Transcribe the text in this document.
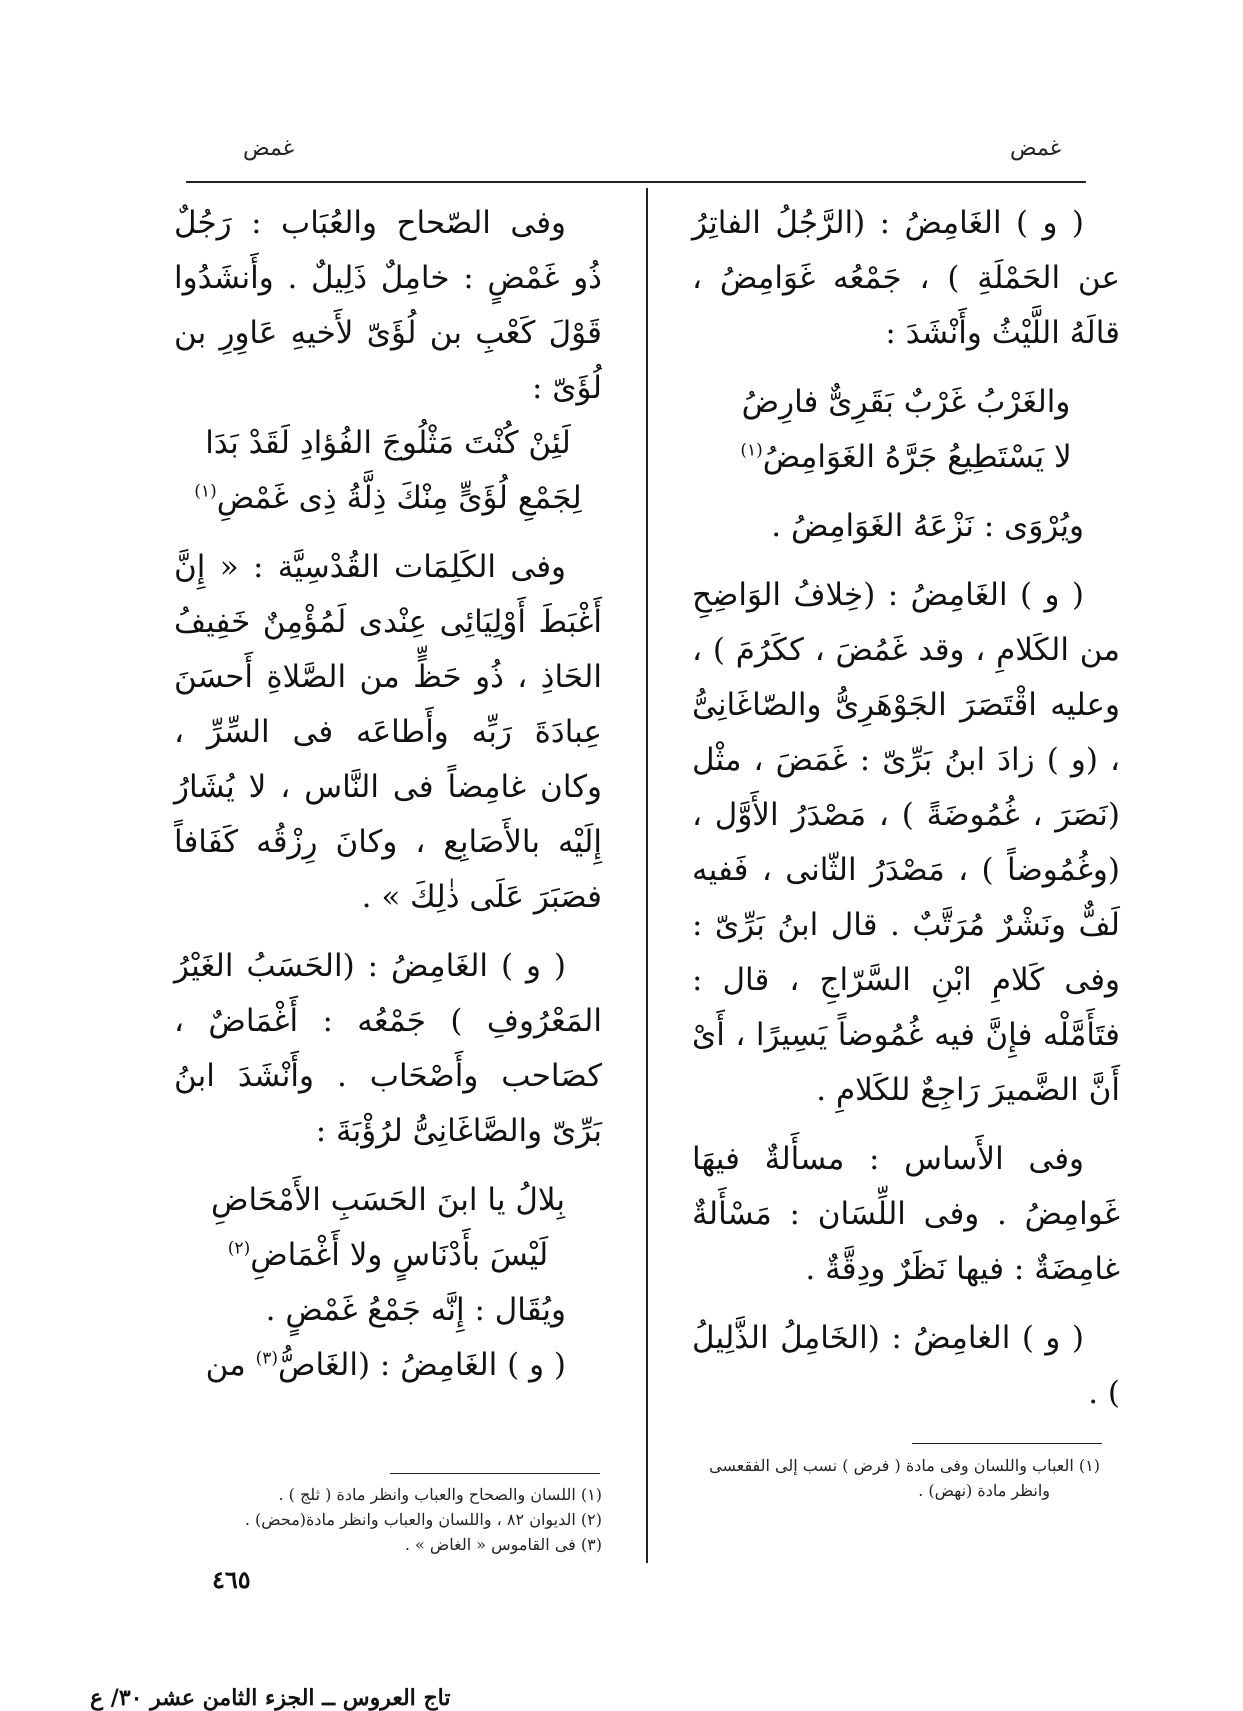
غمض
غمض

( و ) الغَامِضُ : (الرَّجُلُ الفاتِرُ عن الحَمْلَةِ ) ، جَمْعُه غَوَامِضُ ، قالَهُ اللَّيْثُ وأَنْشَدَ :

والغَرْبُ غَرْبٌ بَقَرِىٌّ فارِضُ

لا يَسْتَطِيعُ جَرَّهُ الغَوَامِضُ$^{(١)}$

ويُرْوَى : نَزْعَهُ الغَوَامِضُ .

( و ) الغَامِضُ : (خِلافُ الوَاضِحِ من الكَلامِ ، وقد غَمُضَ ، ككَرُمَ ) ، وعليه اقْتَصَرَ الجَوْهَرِىُّ والصّاغَانِىُّ ، (و ) زادَ ابنُ بَرِّىّ : غَمَضَ ، مثْل (نَصَرَ ، غُمُوضَةً ) ، مَصْدَرُ الأَوَّل ، (وغُمُوضاً ) ، مَصْدَرُ الثّانى ، فَفيه لَفٌّ ونَشْرٌ مُرَتَّبٌ . قال ابنُ بَرِّىّ : وفى كَلامِ ابْنِ السَّرّاجِ ، قال : فتَأَمَّلْه فإِنَّ فيه غُمُوضاً يَسِيرًا ، أَىْ أَنَّ الضَّميرَ رَاجِعٌ للكَلامِ .

وفى الأَساس : مسأَلةٌ فيهَا غَوامِضُ . وفى اللِّسَان : مَسْأَلةٌ غامِضَةٌ : فيها نَظَرٌ ودِقَّةٌ .

( و ) الغامِضُ : (الخَامِلُ الذَّلِيلُ ) .

وفى الصّحاح والعُبَاب : رَجُلٌ ذُو غَمْضٍ : خامِلٌ ذَلِيلٌ . وأَنشَدُوا قَوْلَ كَعْبِ بن لُؤَىّ لأَخيهِ عَاوِرِ بن لُؤَىّ :

لَئِنْ كُنْتَ مَثْلُوجَ الفُؤادِ لَقَدْ بَدَا

لِجَمْعِ لُؤَىٍّ مِنْكَ ذِلَّةُ ذِى غَمْضِ$^{(١)}$

وفى الكَلِمَات القُدْسِيَّة : « إِنَّ أَغْبَطَ أَوْلِيَائِى عِنْدى لَمُؤْمِنٌ خَفِيفُ الحَاذِ ، ذُو حَظٍّ من الصَّلاةِ أَحسَنَ عِبادَةَ رَبِّه وأَطاعَه فى السِّرِّ ، وكان غامِضاً فى النَّاس ، لا يُشَارُ إِلَيْه بالأَصَابِع ، وكانَ رِزْقُه كَفَافاً فصَبَرَ عَلَى ذٰلِكَ » .

( و ) الغَامِضُ : (الحَسَبُ الغَيْرُ المَعْرُوفِ ) جَمْعُه : أَغْمَاضٌ ، كصَاحب وأَصْحَاب . وأَنْشَدَ ابنُ بَرِّىّ والصَّاغَانِىُّ لرُؤْبَةَ :

بِلالُ يا ابنَ الحَسَبِ الأَمْحَاضِ

لَيْسَ بأَدْنَاسٍ ولا أَغْمَاضِ$^{(٢)}$

ويُقَال : إِنَّه جَمْعُ غَمْضٍ .

( و ) الغَامِضُ : (الغَاصُّ$^{(٣)}$ من

(١) العباب واللسان وفى مادة ( فرض ) نسب إلى الفقعسى

وانظر مادة (نهض) .

(١) اللسان والصحاح والعباب وانظر مادة ( ثلج ) .

(٢) الديوان ٨٢ ، واللسان والعباب وانظر مادة(محض) .

(٣) فى القاموس « الغاض » .

٤٦٥
تاج العروس ــ الجزء الثامن عشر ٣٠/ ع
